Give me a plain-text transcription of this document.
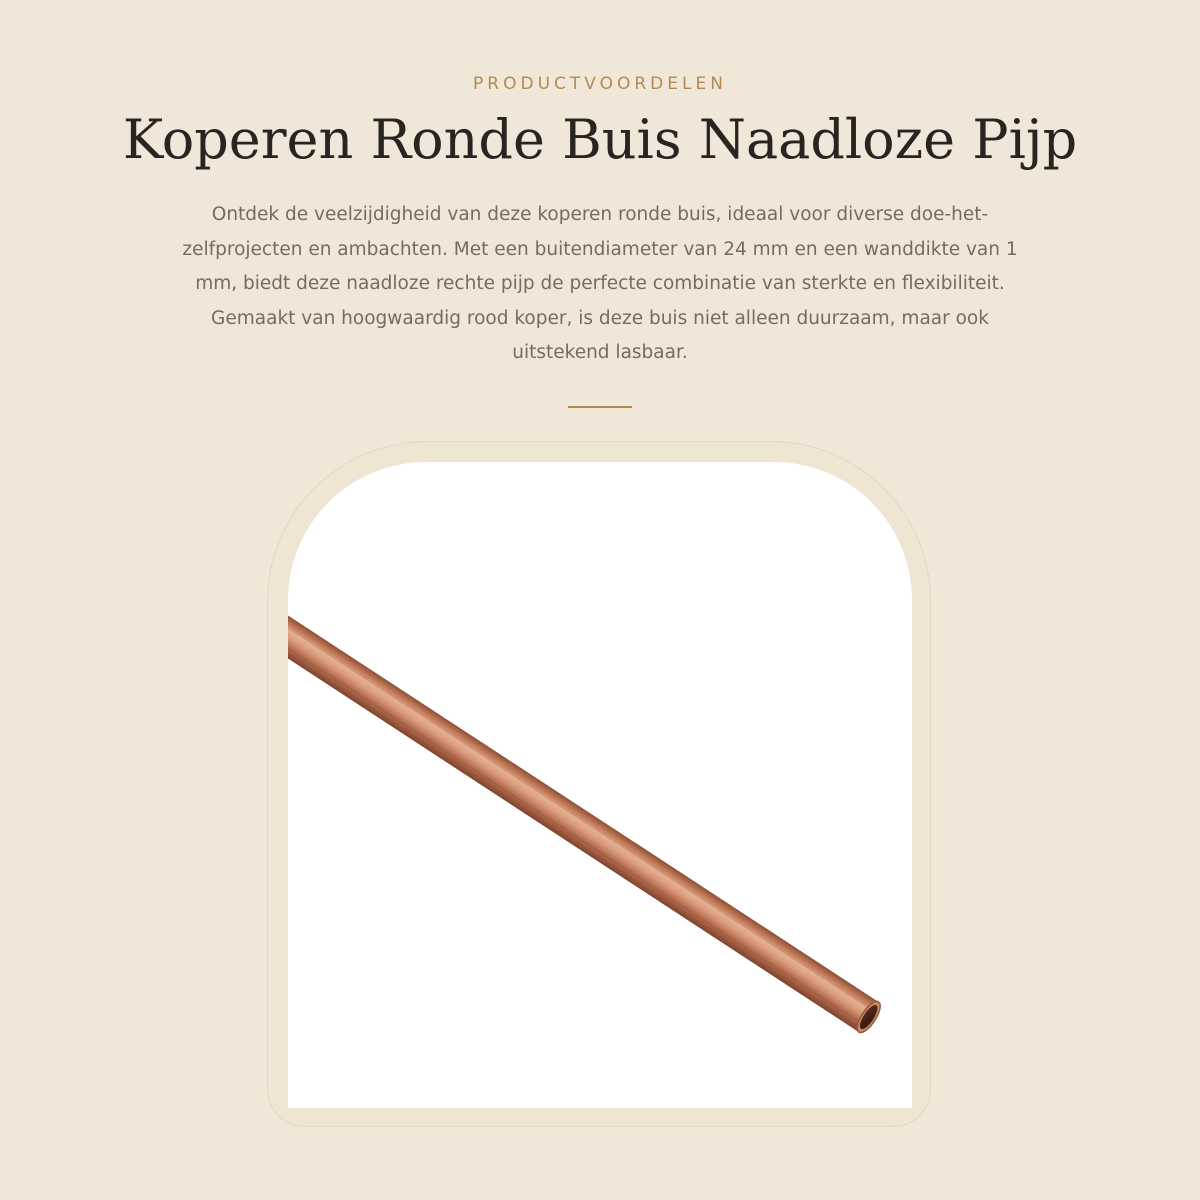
PRODUCTVOORDELEN
Koperen Ronde Buis Naadloze Pijp

Ontdek de veelzijdigheid van deze koperen ronde buis, ideaal voor diverse doe-het-zelfprojecten en ambachten. Met een buitendiameter van 24 mm en een wanddikte van 1 mm, biedt deze naadloze rechte pijp de perfecte combinatie van sterkte en flexibiliteit. Gemaakt van hoogwaardig rood koper, is deze buis niet alleen duurzaam, maar ook uitstekend lasbaar.
